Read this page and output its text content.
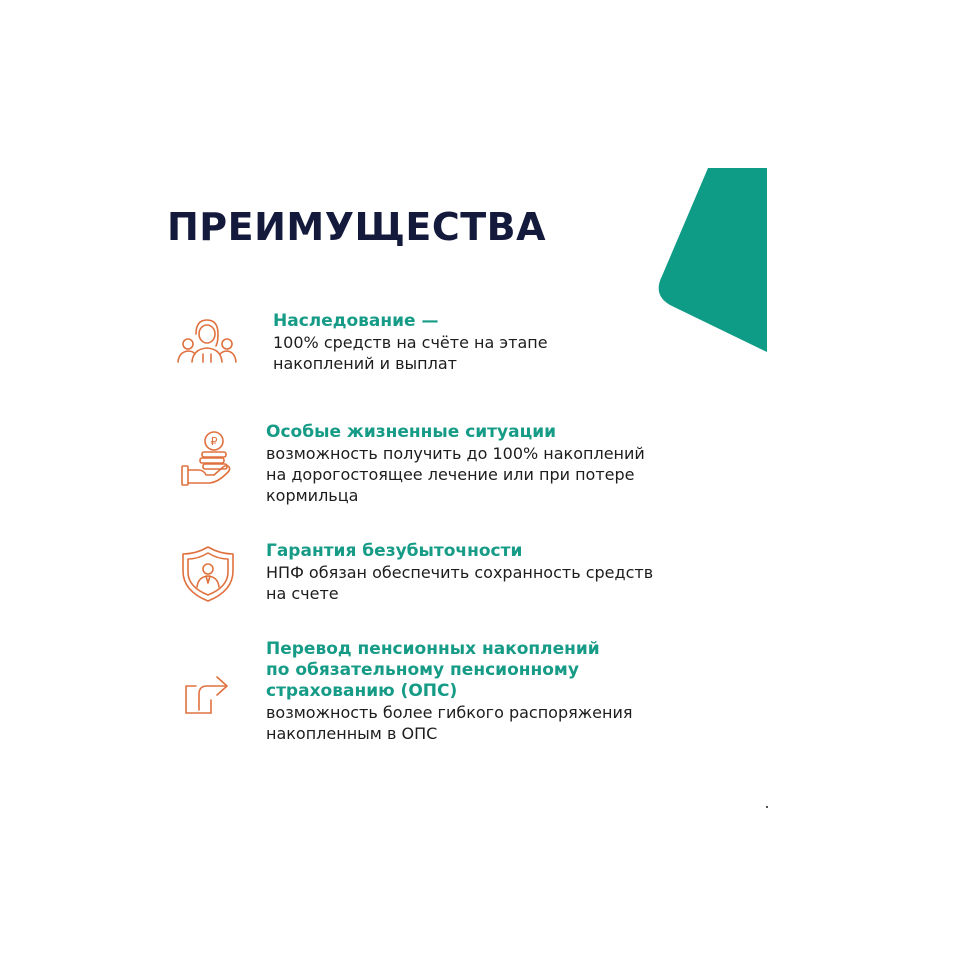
ПРЕИМУЩЕСТВА
Наследование —
100% средств на счёте на этапе
накоплений и выплат
₽	Особые жизненные ситуации
возможность получить до 100% накоплений
на дорогостоящее лечение или при потере
кормильца
Гарантия безубыточности
НПФ обязан обеспечить сохранность средств
на счете
Перевод пенсионных накоплений
по обязательному пенсионному
страхованию (ОПС)
возможность более гибкого распоряжения
накопленным в ОПС
